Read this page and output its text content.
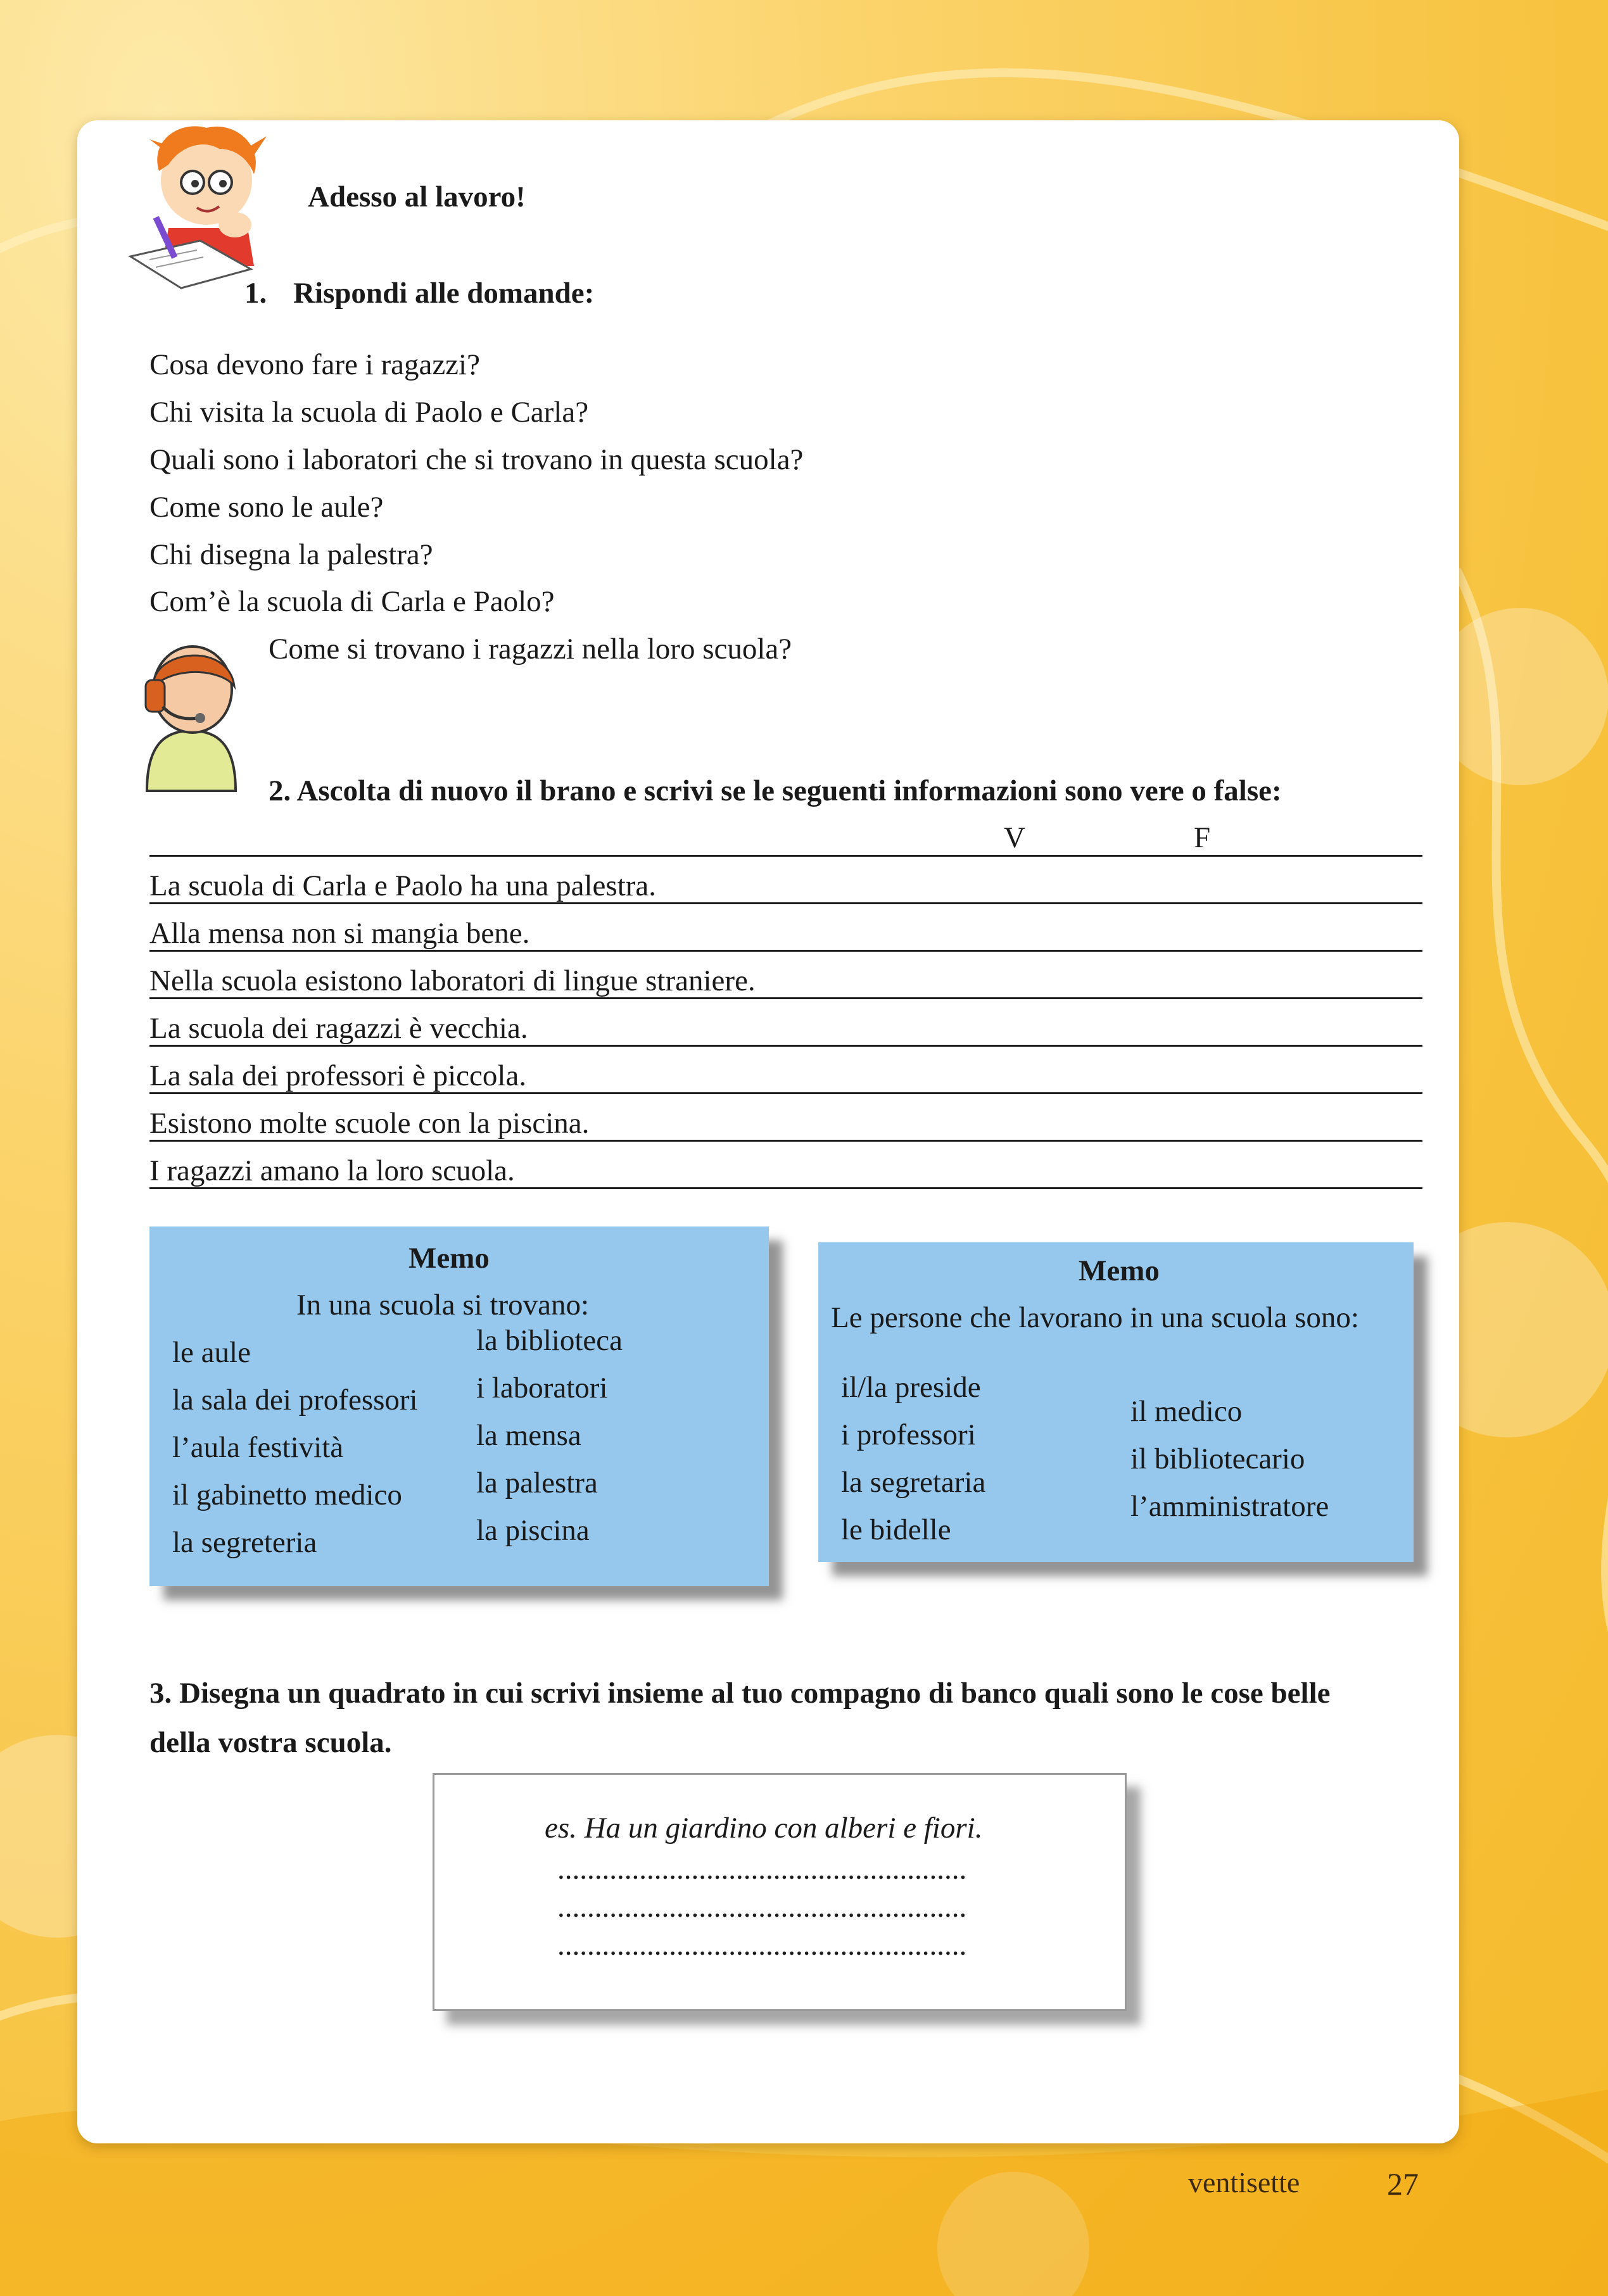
Adesso al lavoro!
1. Rispondi alle domande:
Cosa devono fare i ragazzi?
Chi visita la scuola di Paolo e Carla?
Quali sono i laboratori che si trovano in questa scuola?
Come sono le aule?
Chi disegna la palestra?
Com’è la scuola di Carla e Paolo?
Come si trovano i ragazzi nella loro scuola?
2. Ascolta di nuovo il brano e scrivi se le seguenti informazioni sono vere o false:
V	F
La scuola di Carla e Paolo ha una palestra.
Alla mensa non si mangia bene.
Nella scuola esistono laboratori di lingue straniere.
La scuola dei ragazzi è vecchia.
La sala dei professori è piccola.
Esistono molte scuole con la piscina.
I ragazzi amano la loro scuola.
Memo
In una scuola si trovano:
le aule
la sala dei professori
l’aula festività
il gabinetto medico
la segreteria
la biblioteca
i laboratori
la mensa
la palestra
la piscina
Memo
Le persone che lavorano in una scuola sono:
il/la preside
i professori
la segretaria
le bidelle
il medico
il bibliotecario
l’amministratore
3. Disegna un quadrato in cui scrivi insieme al tuo compagno di banco quali sono le cose belle
della vostra scuola.
es. Ha un giardino con alberi e fiori.
.......................................................
.......................................................
.......................................................
ventisette	27
